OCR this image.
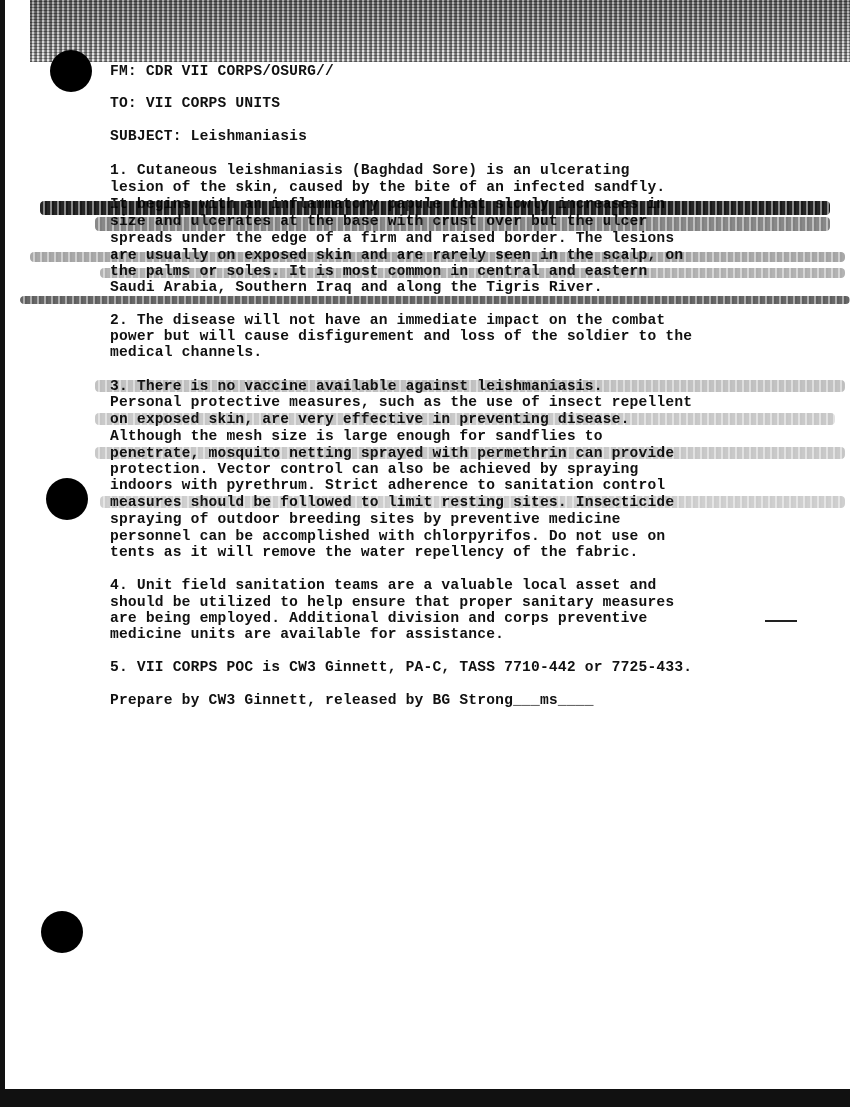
FM: CDR VII CORPS/OSURG//
TO: VII CORPS UNITS
SUBJECT: Leishmaniasis
1. Cutaneous leishmaniasis (Baghdad Sore) is an ulcerating
lesion of the skin, caused by the bite of an infected sandfly.
spreads under the edge of a firm and raised border. The lesions
are usually on exposed skin and are rarely seen in the scalp, on
the palms or soles. It is most common in central and eastern
Saudi Arabia, Southern Iraq and along the Tigris River.
2. The disease will not have an immediate impact on the combat
power but will cause disfigurement and loss of the soldier to the
medical channels.
3. There is no vaccine available against leishmaniasis.
Personal protective measures, such as the use of insect repellent
on exposed skin, are very effective in preventing disease.
Although the mesh size is large enough for sandflies to
penetrate, mosquito netting sprayed with permethrin can provide
protection. Vector control can also be achieved by spraying
indoors with pyrethrum. Strict adherence to sanitation control
measures should be followed to limit resting sites. Insecticide
spraying of outdoor breeding sites by preventive medicine
personnel can be accomplished with chlorpyrifos. Do not use on
tents as it will remove the water repellency of the fabric.
4. Unit field sanitation teams are a valuable local asset and
should be utilized to help ensure that proper sanitary measures
are being employed. Additional division and corps preventive
medicine units are available for assistance.
5. VII CORPS POC is CW3 Ginnett, PA-C, TASS 7710-442 or 7725-433.
Prepare by CW3 Ginnett, released by BG Strong___ms____
